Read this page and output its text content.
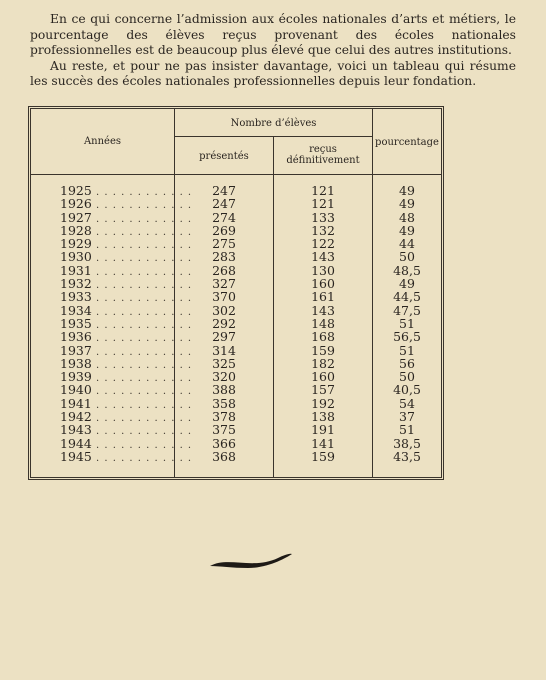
En ce qui concerne l’admission aux écoles nationales d’arts et métiers, le pourcentage des élèves reçus provenant des écoles nationales professionnelles est de beaucoup plus élevé que celui des autres institutions.

Au reste, et pour ne pas insister davantage, voici un tableau qui résume les succès des écoles nationales professionnelles depuis leur fondation.

Années
Nombre d’élèves
présentés
reçus
définitivement
pourcentage
1925 . . . . . . . . . . . .
1926 . . . . . . . . . . . .
1927 . . . . . . . . . . . .
1928 . . . . . . . . . . . .
1929 . . . . . . . . . . . .
1930 . . . . . . . . . . . .
1931 . . . . . . . . . . . .
1932 . . . . . . . . . . . .
1933 . . . . . . . . . . . .
1934 . . . . . . . . . . . .
1935 . . . . . . . . . . . .
1936 . . . . . . . . . . . .
1937 . . . . . . . . . . . .
1938 . . . . . . . . . . . .
1939 . . . . . . . . . . . .
1940 . . . . . . . . . . . .
1941 . . . . . . . . . . . .
1942 . . . . . . . . . . . .
1943 . . . . . . . . . . . .
1944 . . . . . . . . . . . .
1945 . . . . . . . . . . . .
247
247
274
269
275
283
268
327
370
302
292
297
314
325
320
388
358
378
375
366
368
121
121
133
132
122
143
130
160
161
143
148
168
159
182
160
157
192
138
191
141
159
49
49
48
49
44
50
48,5
49
44,5
47,5
51
56,5
51
56
50
40,5
54
37
51
38,5
43,5
